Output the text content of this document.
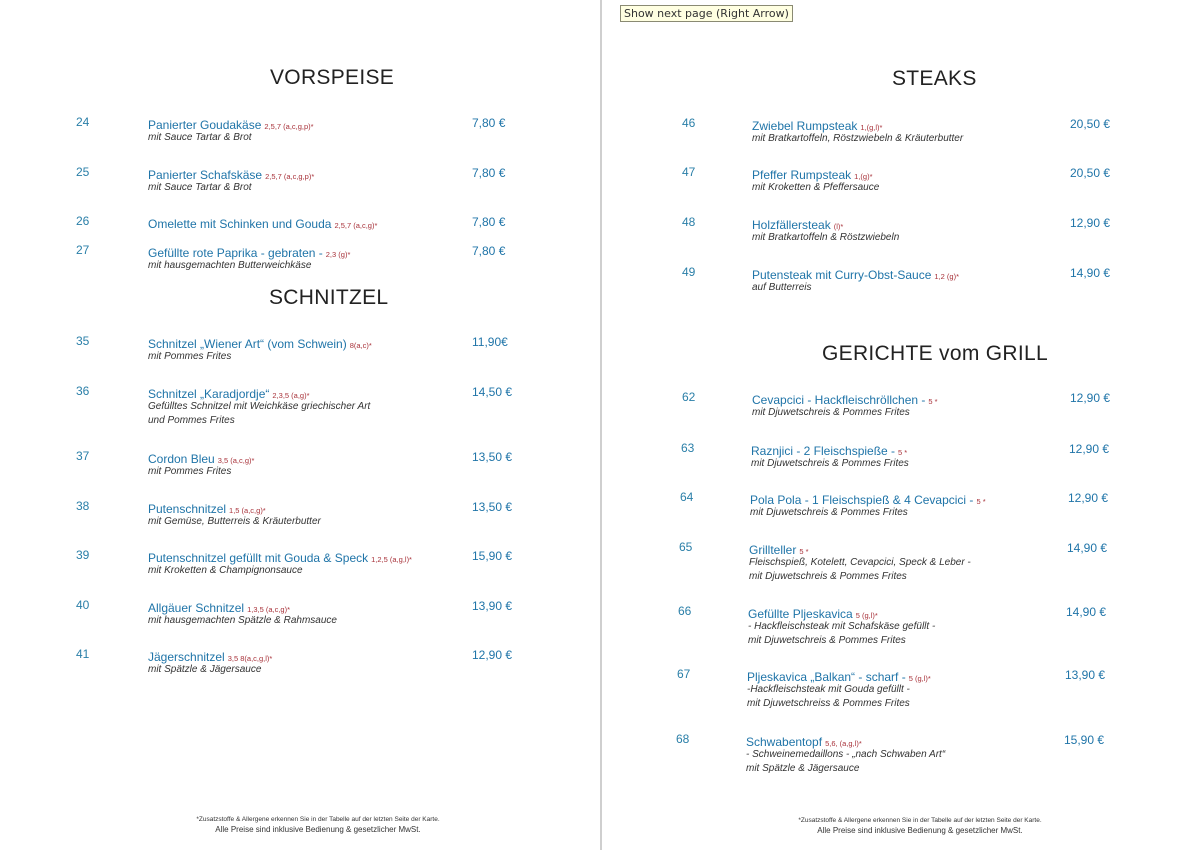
VORSPEISE
24	Panierter Goudakäse 2,5,7 (a,c,g,p)*
mit Sauce Tartar & Brot
7,80 €
25	Panierter Schafskäse 2,5,7 (a,c,g,p)*
mit Sauce Tartar & Brot
7,80 €
26	Omelette mit Schinken und Gouda 2,5,7 (a,c,g)*	7,80 €
27	Gefüllte rote Paprika - gebraten - 2,3 (g)*
mit hausgemachten Butterweichkäse
7,80 €
SCHNITZEL
35	Schnitzel „Wiener Art“ (vom Schwein) 8(a,c)*
mit Pommes Frites
11,90€
36	Schnitzel „Karadjordje“ 2,3,5 (a,g)*
Gefülltes Schnitzel mit Weichkäse griechischer Art
und Pommes Frites
14,50 €
37	Cordon Bleu 3,5 (a,c,g)*
mit Pommes Frites
13,50 €
38	Putenschnitzel 1,5 (a,c,g)*
mit Gemüse, Butterreis & Kräuterbutter
13,50 €
39	Putenschnitzel gefüllt mit Gouda & Speck 1,2,5 (a,g,l)*
mit Kroketten & Champignonsauce
15,90 €
40	Allgäuer Schnitzel 1,3,5 (a,c,g)*
mit hausgemachten Spätzle & Rahmsauce
13,90 €
41	Jägerschnitzel 3,5 8(a,c,g,l)*
mit Spätzle & Jägersauce
12,90 €
*Zusatzstoffe & Allergene erkennen Sie in der Tabelle auf der letzten Seite der Karte.
Alle Preise sind inklusive Bedienung & gesetzlicher MwSt.
STEAKS
46	Zwiebel Rumpsteak 1,(g,l)*
mit Bratkartoffeln, Röstzwiebeln & Kräuterbutter
20,50 €
47	Pfeffer Rumpsteak 1,(g)*
mit Kroketten & Pfeffersauce
20,50 €
48	Holzfällersteak (l)*
mit Bratkartoffeln & Röstzwiebeln
12,90 €
49	Putensteak mit Curry-Obst-Sauce 1,2 (g)*
auf Butterreis
14,90 €
GERICHTE vom GRILL
62	Cevapcici - Hackfleischröllchen - 5 *
mit Djuwetschreis & Pommes Frites
12,90 €
63	Raznjici - 2 Fleischspieße - 5 *
mit Djuwetschreis & Pommes Frites
12,90 €
64	Pola Pola - 1 Fleischspieß & 4 Cevapcici - 5 *
mit Djuwetschreis & Pommes Frites
12,90 €
65	Grillteller 5 *
Fleischspieß, Kotelett, Cevapcici, Speck & Leber -
mit Djuwetschreis & Pommes Frites
14,90 €
66	Gefüllte Pljeskavica 5 (g,l)*
- Hackfleischsteak mit Schafskäse gefüllt -
mit Djuwetschreis & Pommes Frites
14,90 €
67	Pljeskavica „Balkan“ - scharf - 5 (g,l)*
-Hackfleischsteak mit Gouda gefüllt -
mit Djuwetschreiss & Pommes Frites
13,90 €
68	Schwabentopf 5,6, (a,g,l)*
- Schweinemedaillons - „nach Schwaben Art“
mit Spätzle & Jägersauce
15,90 €
*Zusatzstoffe & Allergene erkennen Sie in der Tabelle auf der letzten Seite der Karte.
Alle Preise sind inklusive Bedienung & gesetzlicher MwSt.
Show next page (Right Arrow)
